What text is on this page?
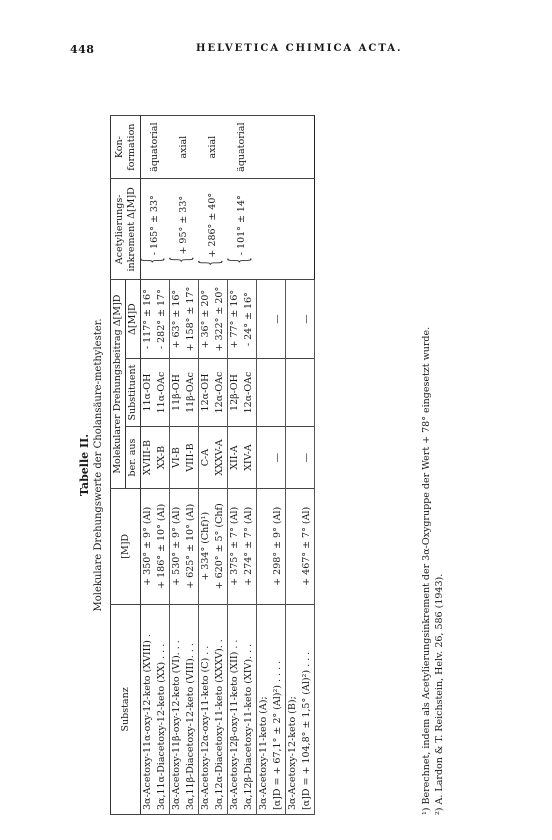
448	HELVETICA CHIMICA ACTA.
Tabelle II. Molekulare Drehungswerte der Cholansäure-methylester.
Substanz	[M]D	Molekularer Drehungsbeitrag Δ[M]D			Acetylierungs-inkrement Δ[M]D	Kon-formation
		ber. aus	Substituent	Δ[M]D		
3α-Acetoxy-11α-oxy-12-keto (XVIII) .	+ 350° ± 9° (Al)	XVIII-B	11α-OH	- 117° ± 16°	{- 165° ± 33°	äquatorial
3α,11α-Diacetoxy-12-keto (XX) . . .	+ 186° ± 10° (Al)	XX-B	11α-OAc	- 282° ± 17°		
3α-Acetoxy-11β-oxy-12-keto (VI). . .	+ 530° ± 9° (Al)	VI-B	11β-OH	+ 63° ± 16°	{+ 95° ± 33°	axial
3α,11β-Diacetoxy-12-keto (VIII). . .	+ 625° ± 10° (Al)	VIII-B	11β-OAc	+ 158° ± 17°		
3α-Acetoxy-12α-oxy-11-keto (C) . .	+ 334° (Chf)¹)	C-A	12α-OH	+ 36° ± 20°	{+ 286° ± 40°	axial
3α,12α-Diacetoxy-11-keto (XXXV). .	+ 620° ± 5° (Chf)	XXXV-A	12α-OAc	+ 322° ± 20°		
3α-Acetoxy-12β-oxy-11-keto (XII) . .	+ 375° ± 7° (Al)	XII-A	12β-OH	+ 77° ± 16°	{- 101° ± 14°	äquatorial
3α,12β-Diacetoxy-11-keto (XIV). . .	+ 274° ± 7° (Al)	XIV-A	12α-OAc	- 24° ± 16°		
3α-Acetoxy-11-keto (A);						
[α]D = + 67,1° ± 2° (Al)²) . . . .	+ 298° ± 9° (Al)	—		—		
3α-Acetoxy-12-keto (B);						
[α]D = + 104,8° ± 1,5° (Al)²) . . .	+ 467° ± 7° (Al)	—		—		
¹) Berechnet, indem als Acetylierungsinkrement der 3α-Oxygruppe der Wert + 78° eingesetzt wurde. ²) A. Lardon & T. Reichstein, Helv. 26, 586 (1943).
